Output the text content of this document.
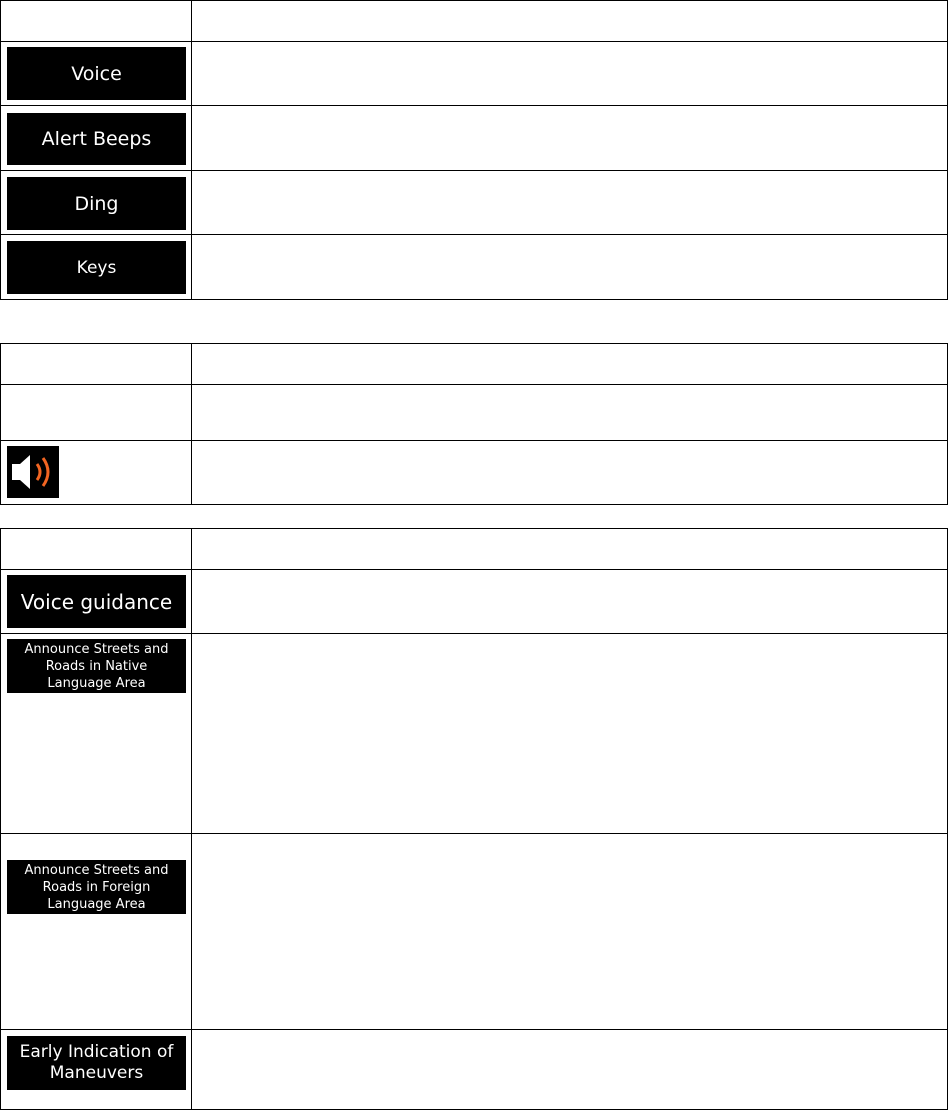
Voice	

Alert Beeps	

Ding	

Keys	

Voice guidance	

Announce Streets and Roads in Native Language Area	

Announce Streets and Roads in Foreign Language Area	

Early Indication of Maneuvers	
